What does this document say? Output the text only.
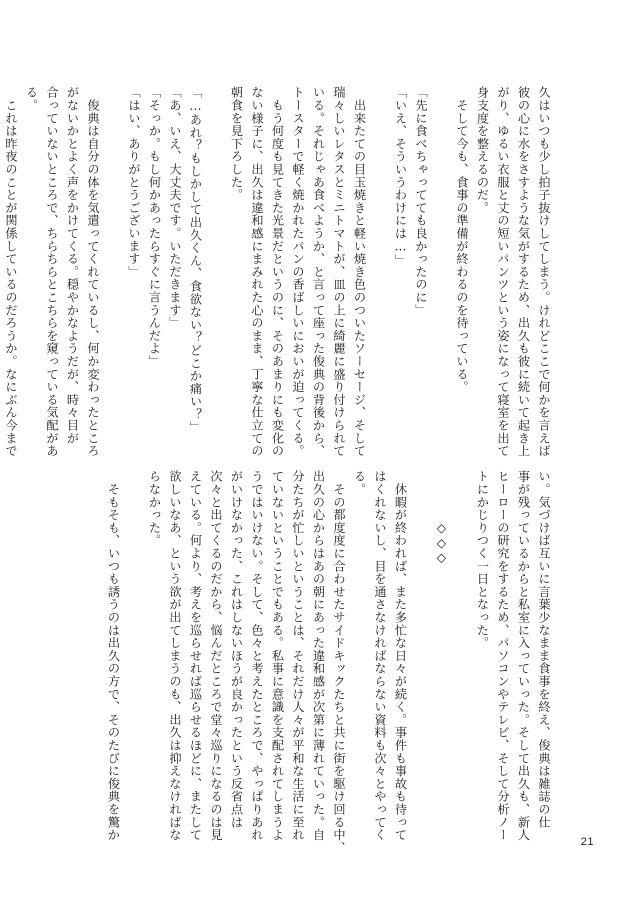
久はいつも少し拍子抜けしてしまう。けれどここで何かを言えば
彼の心に水をさすような気がするため、出久も彼に続いて起き上
がり、ゆるい衣服と丈の短いパンツという姿になって寝室を出て
身支度を整えるのだ。
　そして今も、食事の準備が終わるのを待っている。

「先に食べちゃってても良かったのに」
「いえ、そういうわけには…」

　出来たての目玉焼きと軽い焼き色のついたソーセージ、そして
瑞々しいレタスとミニトマトが、皿の上に綺麗に盛り付けられて
いる。それじゃあ食べようか、と言って座った俊典の背後から、
トースターで軽く焼かれたパンの香ばしいにおいが迫ってくる。
　もう何度も見てきた光景だというのに、そのあまりにも変化の
ない様子に、出久は違和感にまみれた心のまま、丁寧な仕立ての
朝食を見下ろした。

「…あれ？もしかして出久くん、食欲ない？どこか痛い？」
「あ、いえ、大丈夫です。いただきます」
「そっか。もし何かあったらすぐに言うんだよ」
「はい、ありがとうございます」

　俊典は自分の体を気遣ってくれているし、何か変わったところ
がないかとよく声をかけてくる。穏やかなようだが、時々目が
合っていないところで、ちらちらとこちらを窺っている気配があ
る。
　これは昨夜のことが関係しているのだろうか。なにぶん今まで

い。気づけば互いに言葉少なまま食事を終え、俊典は雑誌の仕
事が残っているからと私室に入っていった。そして出久も、新人
ヒーローの研究をするため、パソコンやテレビ、そして分析ノー
トにかじりつく一日となった。

　　　　◇◇◇

　休暇が終われば、また多忙な日々が続く。事件も事故も待って
はくれないし、目を通さなければならない資料も次々とやってく
る。
　その都度度に合わせたサイドキックたちと共に街を駆け回る中、
出久の心からはあの朝にあった違和感が次第に薄れていった。自
分たちが忙しいということは、それだけ人々が平和な生活に至れ
ていないということでもある。私事に意識を支配されてしまうよ
うではいけない。そして、色々と考えたところで、やっぱりあれ
がいけなかった、これはしないほうが良かったという反省点は
次々と出てくるのだから、悩んだところで堂々巡りになるのは見
えている。何より、考えを巡らせれば巡らせるほどに、またして
欲しいなあ、という欲が出てしまうのも、出久は抑えなければな
らなかった。

　そもそも、いつも誘うのは出久の方で、そのたびに俊典を驚か
21
